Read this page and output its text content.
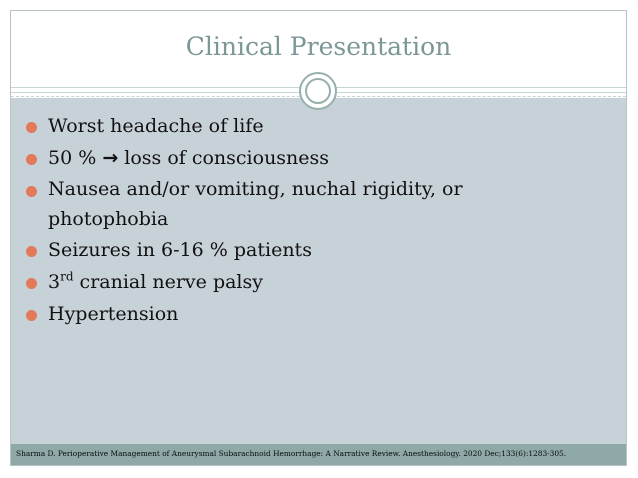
Clinical Presentation
Worst headache of life
50 % → loss of consciousness
Nausea and/or vomiting, nuchal rigidity, or
photophobia
Seizures in 6-16 % patients
3rd cranial nerve palsy
Hypertension
Sharma D. Perioperative Management of Aneurysmal Subarachnoid Hemorrhage: A Narrative Review. Anesthesiology. 2020 Dec;133(6):1283-305.
